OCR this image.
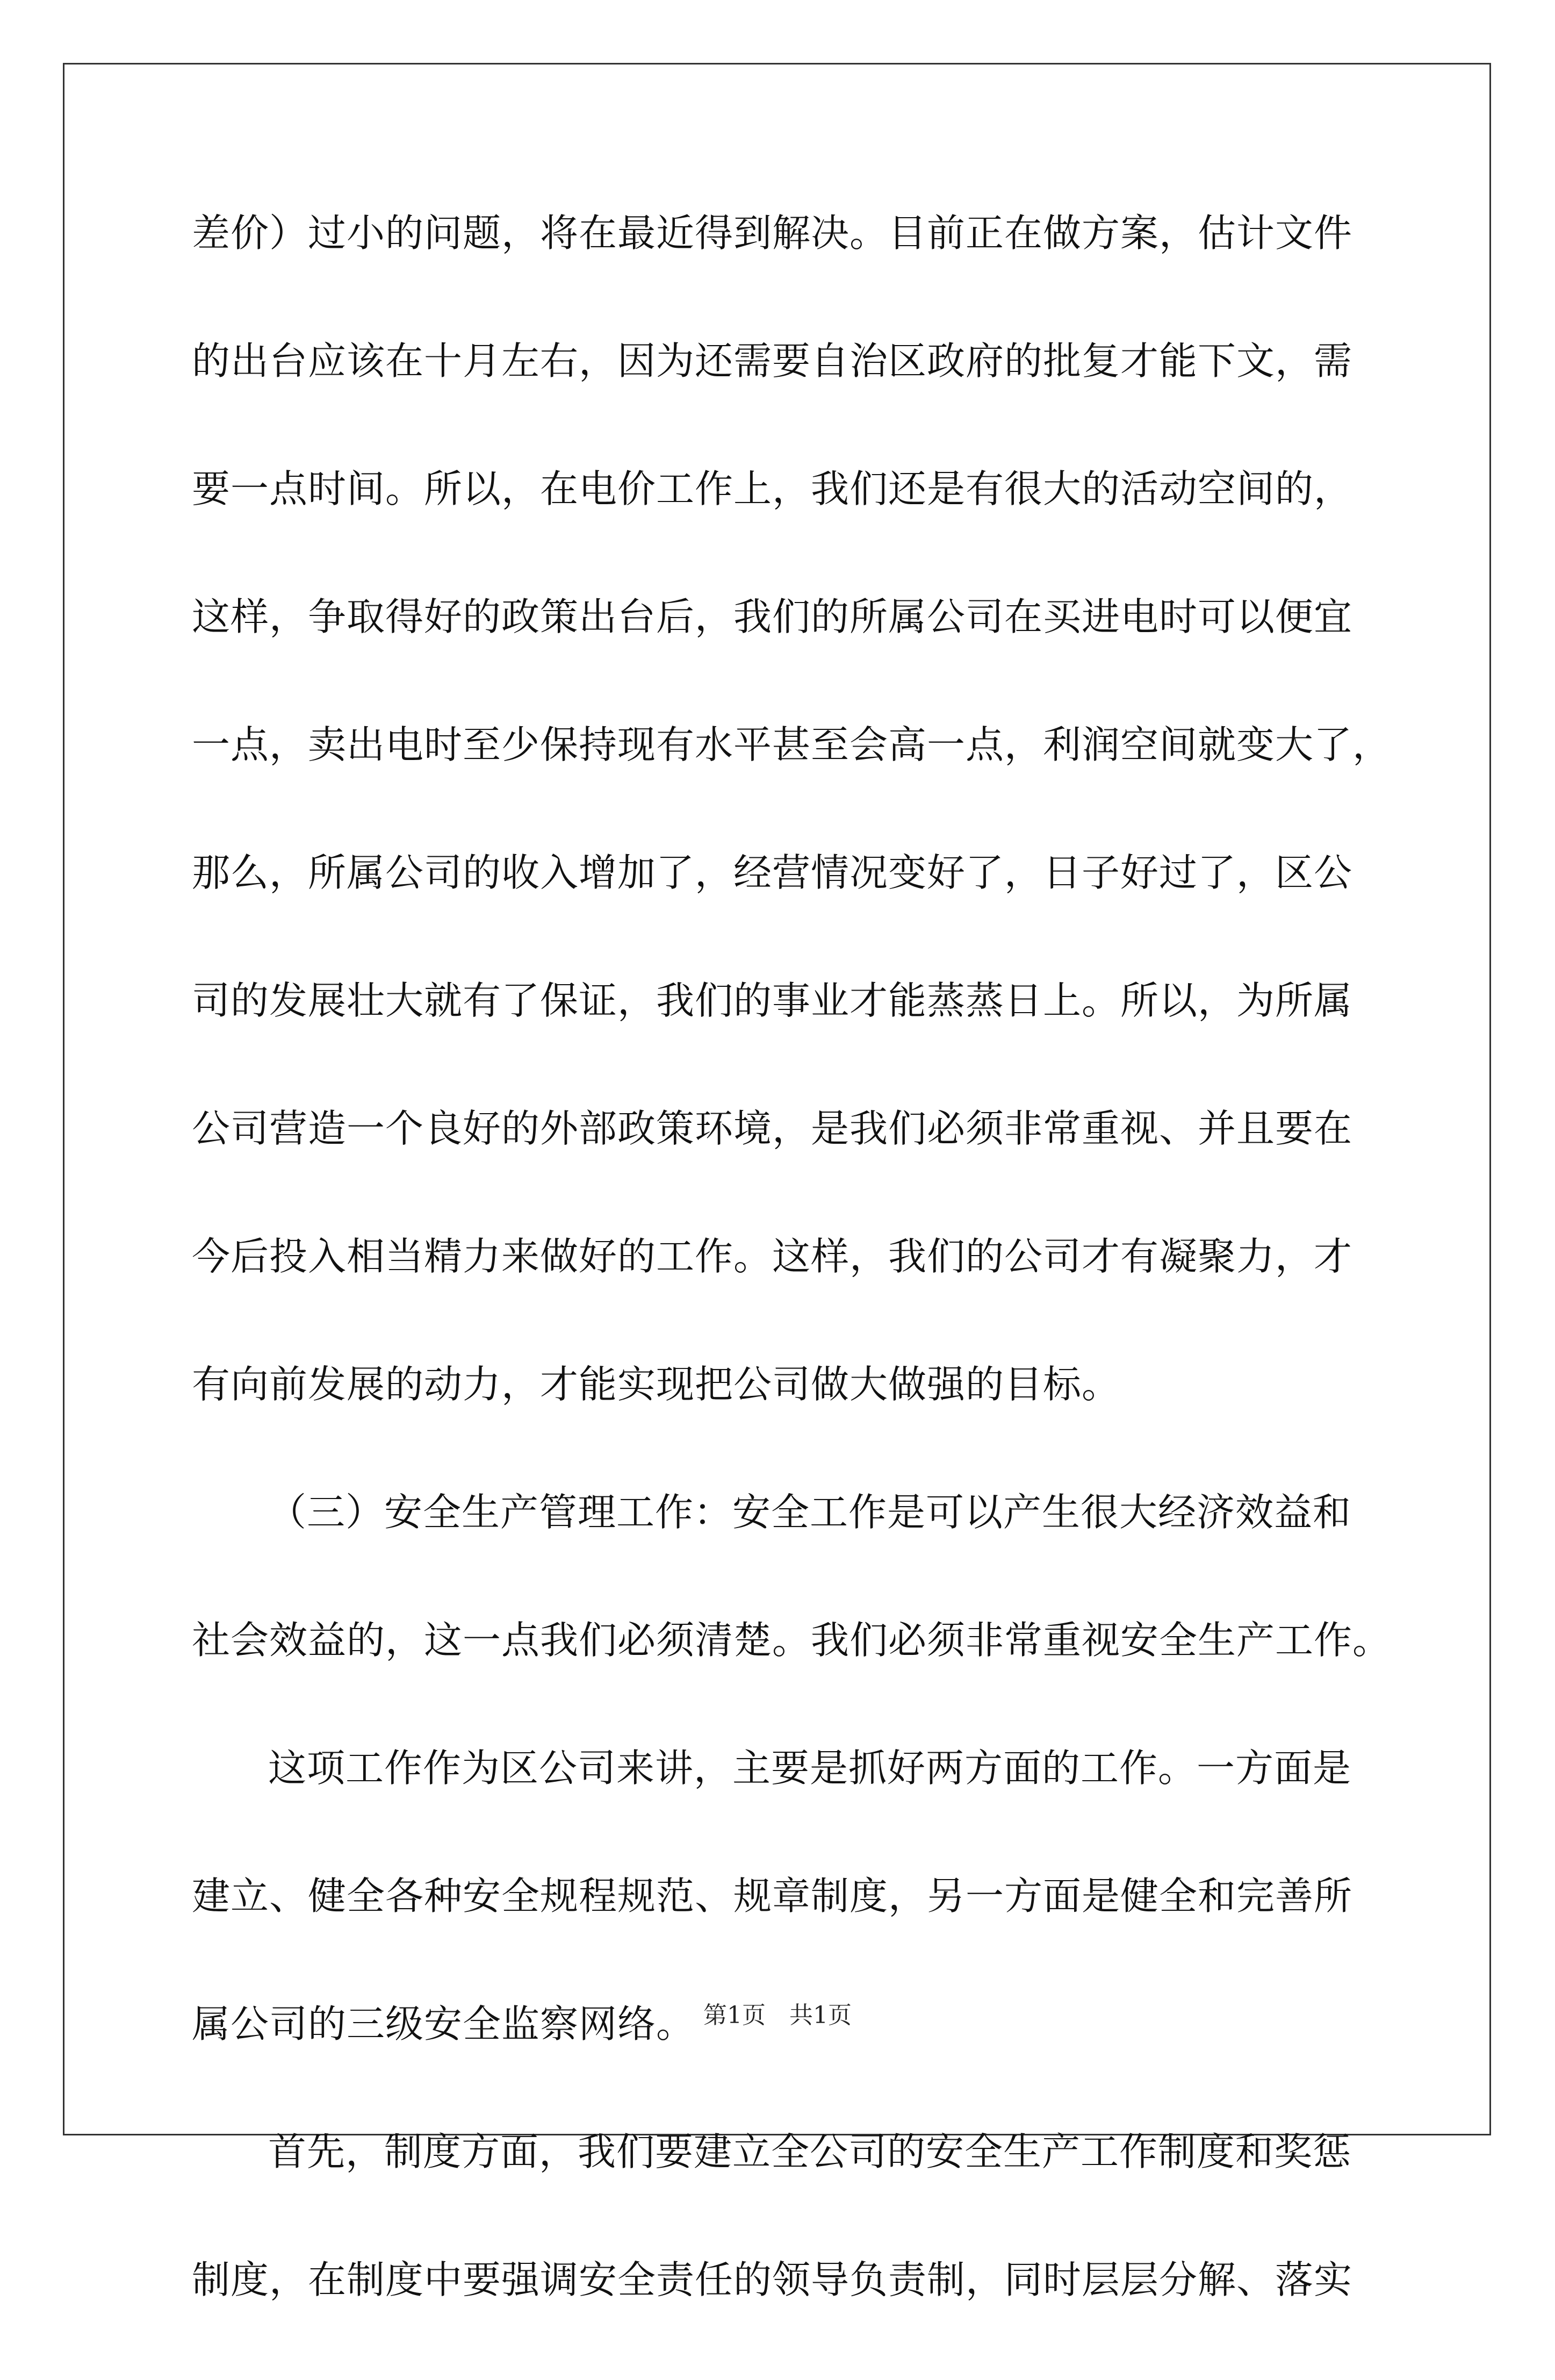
差价）过小的问题，将在最近得到解决。目前正在做方案，估计文件
的出台应该在十月左右，因为还需要自治区政府的批复才能下文，需
要一点时间。所以，在电价工作上，我们还是有很大的活动空间的，
这样，争取得好的政策出台后，我们的所属公司在买进电时可以便宜
一点，卖出电时至少保持现有水平甚至会高一点，利润空间就变大了，
那么，所属公司的收入增加了，经营情况变好了，日子好过了，区公
司的发展壮大就有了保证，我们的事业才能蒸蒸日上。所以，为所属
公司营造一个良好的外部政策环境，是我们必须非常重视、并且要在
今后投入相当精力来做好的工作。这样，我们的公司才有凝聚力，才
有向前发展的动力，才能实现把公司做大做强的目标。
（三）安全生产管理工作：安全工作是可以产生很大经济效益和
社会效益的，这一点我们必须清楚。我们必须非常重视安全生产工作。
这项工作作为区公司来讲，主要是抓好两方面的工作。一方面是
建立、健全各种安全规程规范、规章制度，另一方面是健全和完善所
属公司的三级安全监察网络。
首先，制度方面，我们要建立全公司的安全生产工作制度和奖惩
制度，在制度中要强调安全责任的领导负责制，同时层层分解、落实
第1页　共1页
